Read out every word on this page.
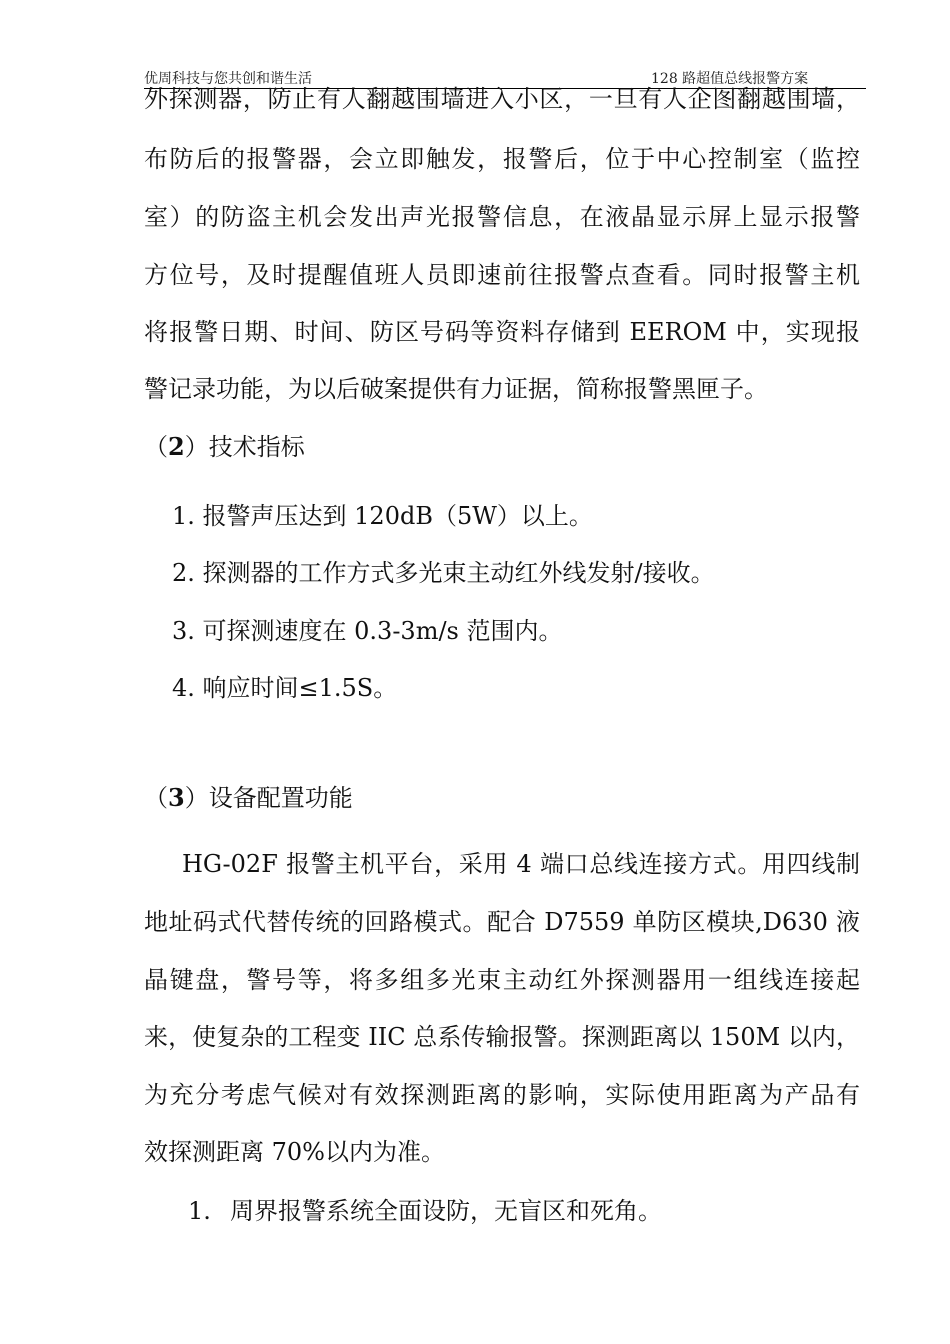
优周科技与您共创和谐生活	128 路超值总线报警方案
外探测器，防止有人翻越围墙进入小区，一旦有人企图翻越围墙，
布防后的报警器，会立即触发，报警后，位于中心控制室（监控
室）的防盗主机会发出声光报警信息，在液晶显示屏上显示报警
方位号，及时提醒值班人员即速前往报警点查看。同时报警主机
将报警日期、时间、防区号码等资料存储到 EEROM 中，实现报
警记录功能，为以后破案提供有力证据，简称报警黑匣子。
（2）技术指标
1. 报警声压达到 120dB（5W）以上。
2. 探测器的工作方式多光束主动红外线发射/接收。
3. 可探测速度在 0.3-3m/s 范围内。
4. 响应时间≤1.5S。
（3）设备配置功能
HG-02F 报警主机平台，采用 4 端口总线连接方式。用四线制
地址码式代替传统的回路模式。配合 D7559 单防区模块,D630 液
晶键盘，警号等，将多组多光束主动红外探测器用一组线连接起
来，使复杂的工程变 IIC 总系传输报警。探测距离以 150M 以内，
为充分考虑气候对有效探测距离的影响，实际使用距离为产品有
效探测距离 70%以内为准。
1. 周界报警系统全面设防，无盲区和死角。
